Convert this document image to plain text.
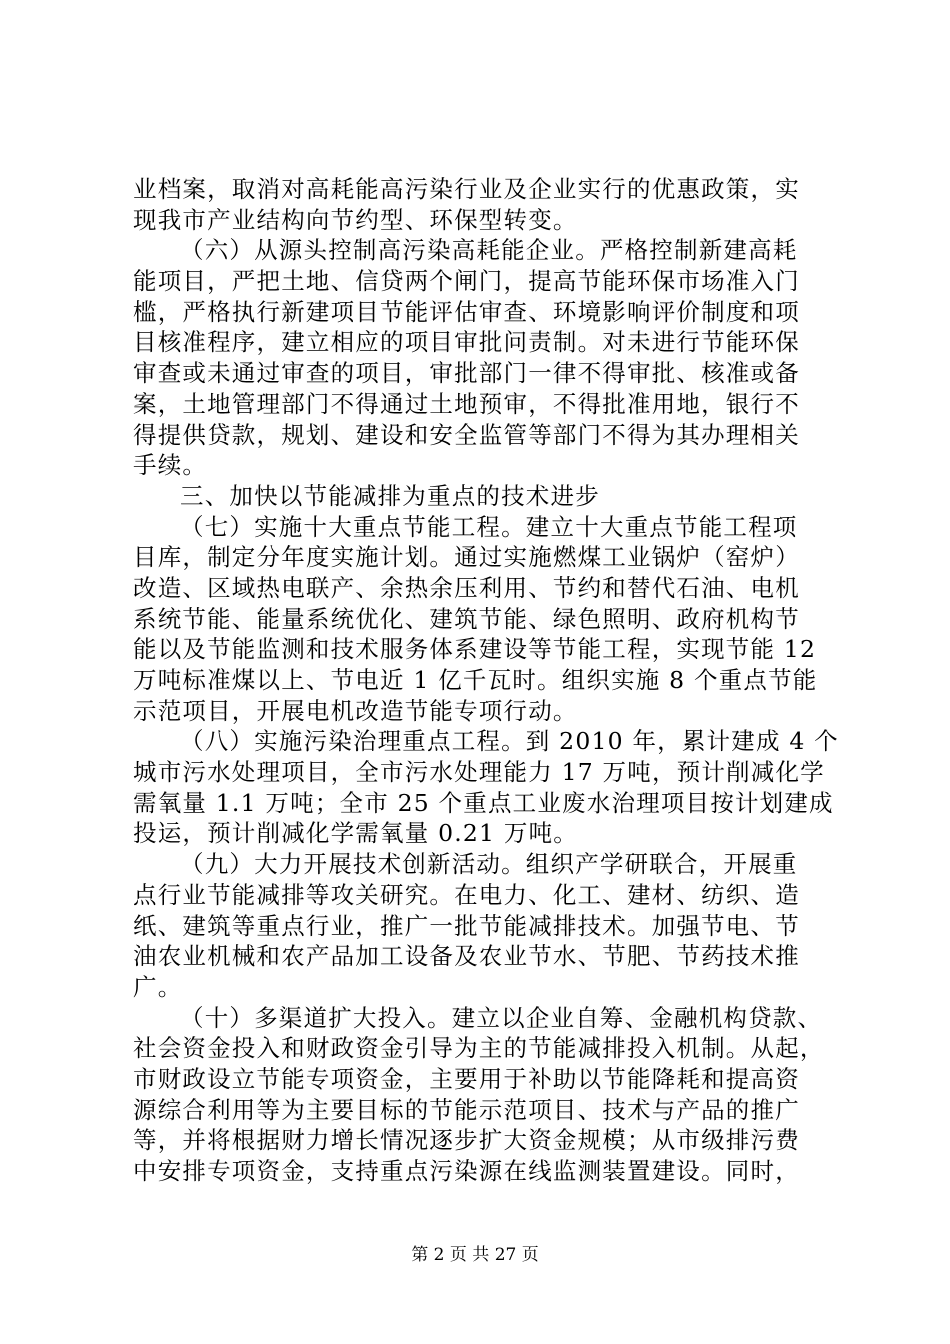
业档案，取消对高耗能高污染行业及企业实行的优惠政策，实
现我市产业结构向节约型、环保型转变。
（六）从源头控制高污染高耗能企业。严格控制新建高耗
能项目，严把土地、信贷两个闸门，提高节能环保市场准入门
槛，严格执行新建项目节能评估审查、环境影响评价制度和项
目核准程序，建立相应的项目审批问责制。对未进行节能环保
审查或未通过审查的项目，审批部门一律不得审批、核准或备
案，土地管理部门不得通过土地预审，不得批准用地，银行不
得提供贷款，规划、建设和安全监管等部门不得为其办理相关
手续。
三、加快以节能减排为重点的技术进步
（七）实施十大重点节能工程。建立十大重点节能工程项
目库，制定分年度实施计划。通过实施燃煤工业锅炉（窑炉）
改造、区域热电联产、余热余压利用、节约和替代石油、电机
系统节能、能量系统优化、建筑节能、绿色照明、政府机构节
能以及节能监测和技术服务体系建设等节能工程，实现节能 12
万吨标准煤以上、节电近 1 亿千瓦时。组织实施 8 个重点节能
示范项目，开展电机改造节能专项行动。
（八）实施污染治理重点工程。到 2010 年，累计建成 4 个
城市污水处理项目，全市污水处理能力 17 万吨，预计削减化学
需氧量 1.1 万吨；全市 25 个重点工业废水治理项目按计划建成
投运，预计削减化学需氧量 0.21 万吨。
（九）大力开展技术创新活动。组织产学研联合，开展重
点行业节能减排等攻关研究。在电力、化工、建材、纺织、造
纸、建筑等重点行业，推广一批节能减排技术。加强节电、节
油农业机械和农产品加工设备及农业节水、节肥、节药技术推
广。
（十）多渠道扩大投入。建立以企业自筹、金融机构贷款、
社会资金投入和财政资金引导为主的节能减排投入机制。从起，
市财政设立节能专项资金，主要用于补助以节能降耗和提高资
源综合利用等为主要目标的节能示范项目、技术与产品的推广
等，并将根据财力增长情况逐步扩大资金规模；从市级排污费
中安排专项资金，支持重点污染源在线监测装置建设。同时，
第 2 页 共 27 页
